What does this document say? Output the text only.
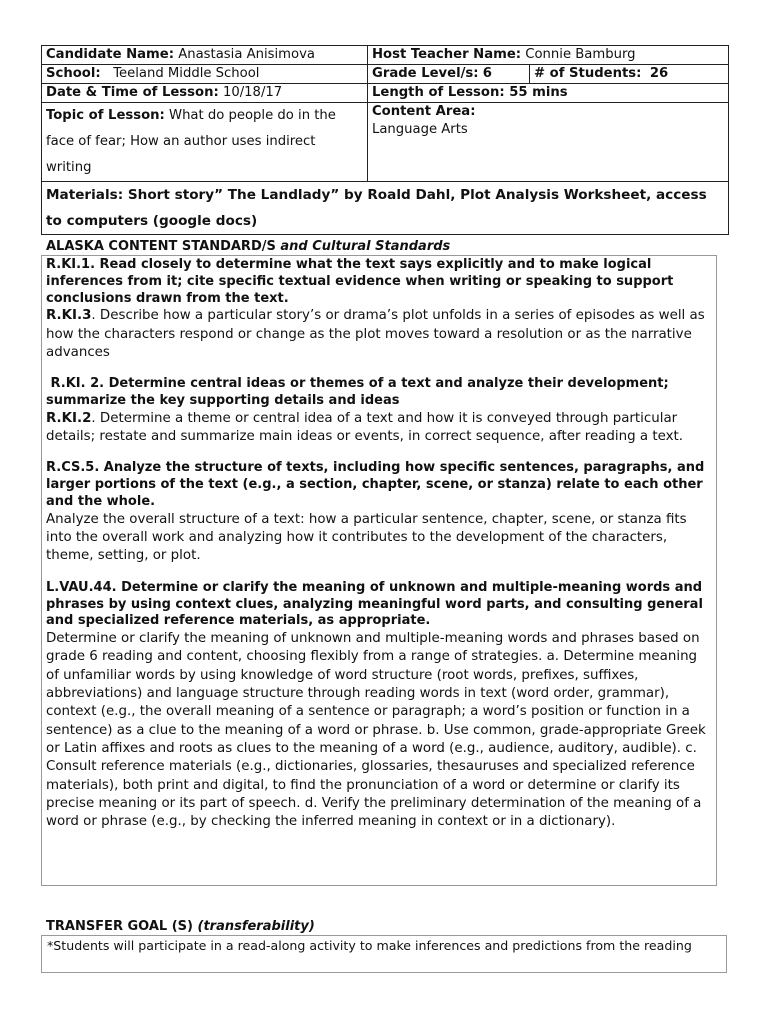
Candidate Name: Anastasia Anisimova	Host Teacher Name: Connie Bamburg	
School: Teeland Middle School	Grade Level/s: 6	# of Students: 26
Date & Time of Lesson: 10/18/17	Length of Lesson: 55 mins	
Topic of Lesson: What do people do in the face of fear; How an author uses indirect writing	Content Area:
Language Arts	
Materials: Short story” The Landlady” by Roald Dahl, Plot Analysis Worksheet, access to computers (google docs)		
ALASKA CONTENT STANDARD/S and Cultural Standards
R.KI.1. Read closely to determine what the text says explicitly and to make logical inferences from it; cite specific textual evidence when writing or speaking to support conclusions drawn from the text.
R.KI.3. Describe how a particular story’s or drama’s plot unfolds in a series of episodes as well as how the characters respond or change as the plot moves toward a resolution or as the narrative advances
R.KI. 2. Determine central ideas or themes of a text and analyze their development; summarize the key supporting details and ideas
R.KI.2. Determine a theme or central idea of a text and how it is conveyed through particular details; restate and summarize main ideas or events, in correct sequence, after reading a text.
R.CS.5. Analyze the structure of texts, including how specific sentences, paragraphs, and larger portions of the text (e.g., a section, chapter, scene, or stanza) relate to each other and the whole.
Analyze the overall structure of a text: how a particular sentence, chapter, scene, or stanza fits into the overall work and analyzing how it contributes to the development of the characters, theme, setting, or plot.
L.VAU.44. Determine or clarify the meaning of unknown and multiple-meaning words and phrases by using context clues, analyzing meaningful word parts, and consulting general and specialized reference materials, as appropriate.
Determine or clarify the meaning of unknown and multiple-meaning words and phrases based on grade 6 reading and content, choosing flexibly from a range of strategies. a. Determine meaning of unfamiliar words by using knowledge of word structure (root words, prefixes, suffixes, abbreviations) and language structure through reading words in text (word order, grammar), context (e.g., the overall meaning of a sentence or paragraph; a word’s position or function in a sentence) as a clue to the meaning of a word or phrase. b. Use common, grade-appropriate Greek or Latin affixes and roots as clues to the meaning of a word (e.g., audience, auditory, audible). c. Consult reference materials (e.g., dictionaries, glossaries, thesauruses and specialized reference materials), both print and digital, to find the pronunciation of a word or determine or clarify its precise meaning or its part of speech. d. Verify the preliminary determination of the meaning of a word or phrase (e.g., by checking the inferred meaning in context or in a dictionary).
TRANSFER GOAL (S) (transferability)
*Students will participate in a read-along activity to make inferences and predictions from the reading
